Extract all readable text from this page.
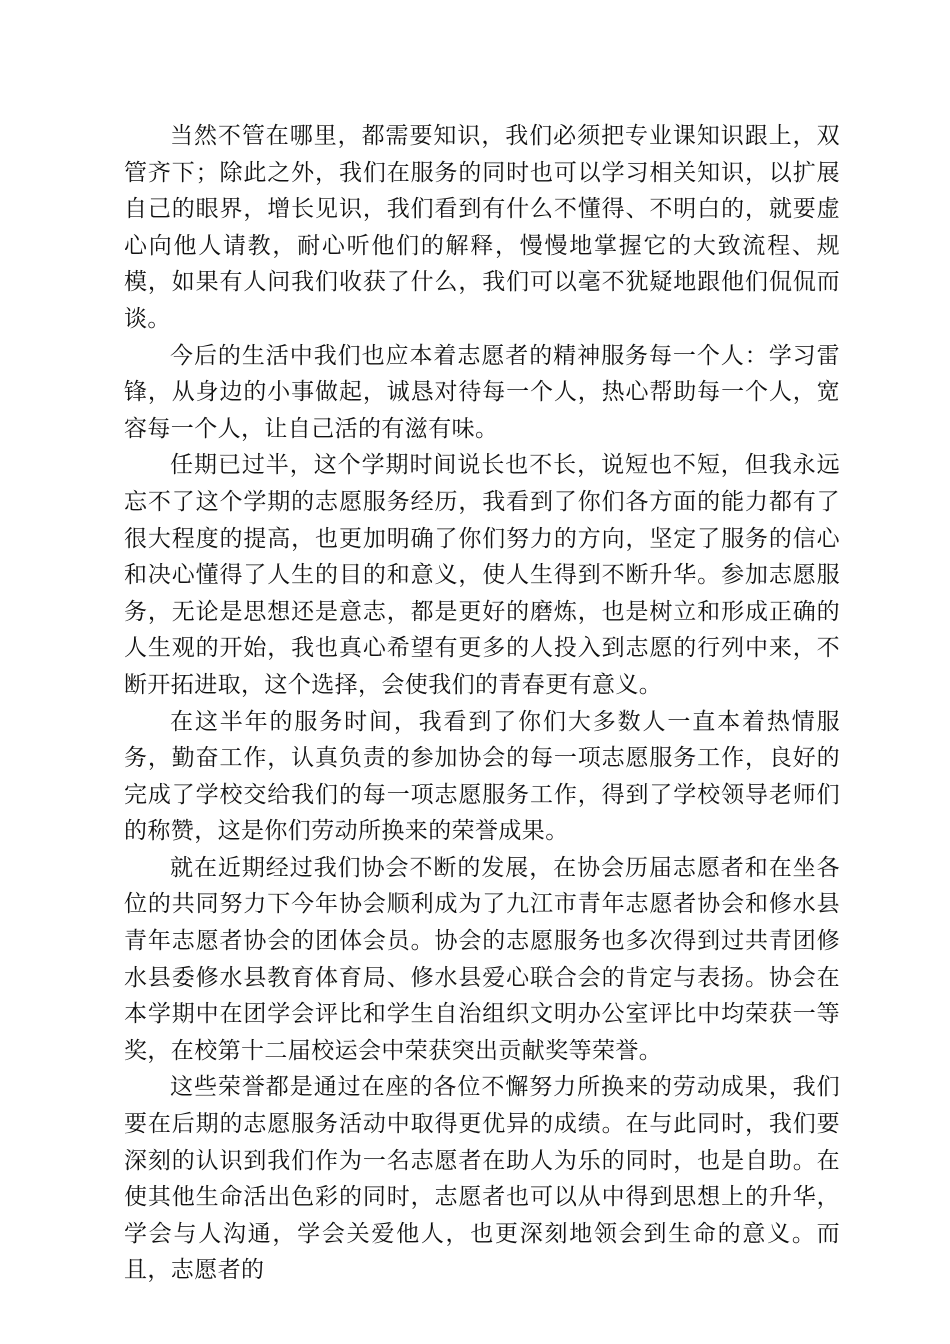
当然不管在哪里，都需要知识，我们必须把专业课知识跟上，双管齐下；除此之外，我们在服务的同时也可以学习相关知识，以扩展自己的眼界，增长见识，我们看到有什么不懂得、不明白的，就要虚心向他人请教，耐心听他们的解释，慢慢地掌握它的大致流程、规模，如果有人问我们收获了什么，我们可以毫不犹疑地跟他们侃侃而谈。

今后的生活中我们也应本着志愿者的精神服务每一个人：学习雷锋，从身边的小事做起，诚恳对待每一个人，热心帮助每一个人，宽容每一个人，让自己活的有滋有味。

任期已过半，这个学期时间说长也不长，说短也不短，但我永远忘不了这个学期的志愿服务经历，我看到了你们各方面的能力都有了很大程度的提高，也更加明确了你们努力的方向，坚定了服务的信心和决心懂得了人生的目的和意义，使人生得到不断升华。参加志愿服务，无论是思想还是意志，都是更好的磨炼，也是树立和形成正确的人生观的开始，我也真心希望有更多的人投入到志愿的行列中来，不断开拓进取，这个选择，会使我们的青春更有意义。

在这半年的服务时间，我看到了你们大多数人一直本着热情服务，勤奋工作，认真负责的参加协会的每一项志愿服务工作，良好的完成了学校交给我们的每一项志愿服务工作，得到了学校领导老师们的称赞，这是你们劳动所换来的荣誉成果。

就在近期经过我们协会不断的发展，在协会历届志愿者和在坐各位的共同努力下今年协会顺利成为了九江市青年志愿者协会和修水县青年志愿者协会的团体会员。协会的志愿服务也多次得到过共青团修水县委修水县教育体育局、修水县爱心联合会的肯定与表扬。协会在本学期中在团学会评比和学生自治组织文明办公室评比中均荣获一等奖，在校第十二届校运会中荣获突出贡献奖等荣誉。

这些荣誉都是通过在座的各位不懈努力所换来的劳动成果，我们要在后期的志愿服务活动中取得更优异的成绩。在与此同时，我们要深刻的认识到我们作为一名志愿者在助人为乐的同时，也是自助。在使其他生命活出色彩的同时，志愿者也可以从中得到思想上的升华，学会与人沟通，学会关爱他人，也更深刻地领会到生命的意义。而且，志愿者的
